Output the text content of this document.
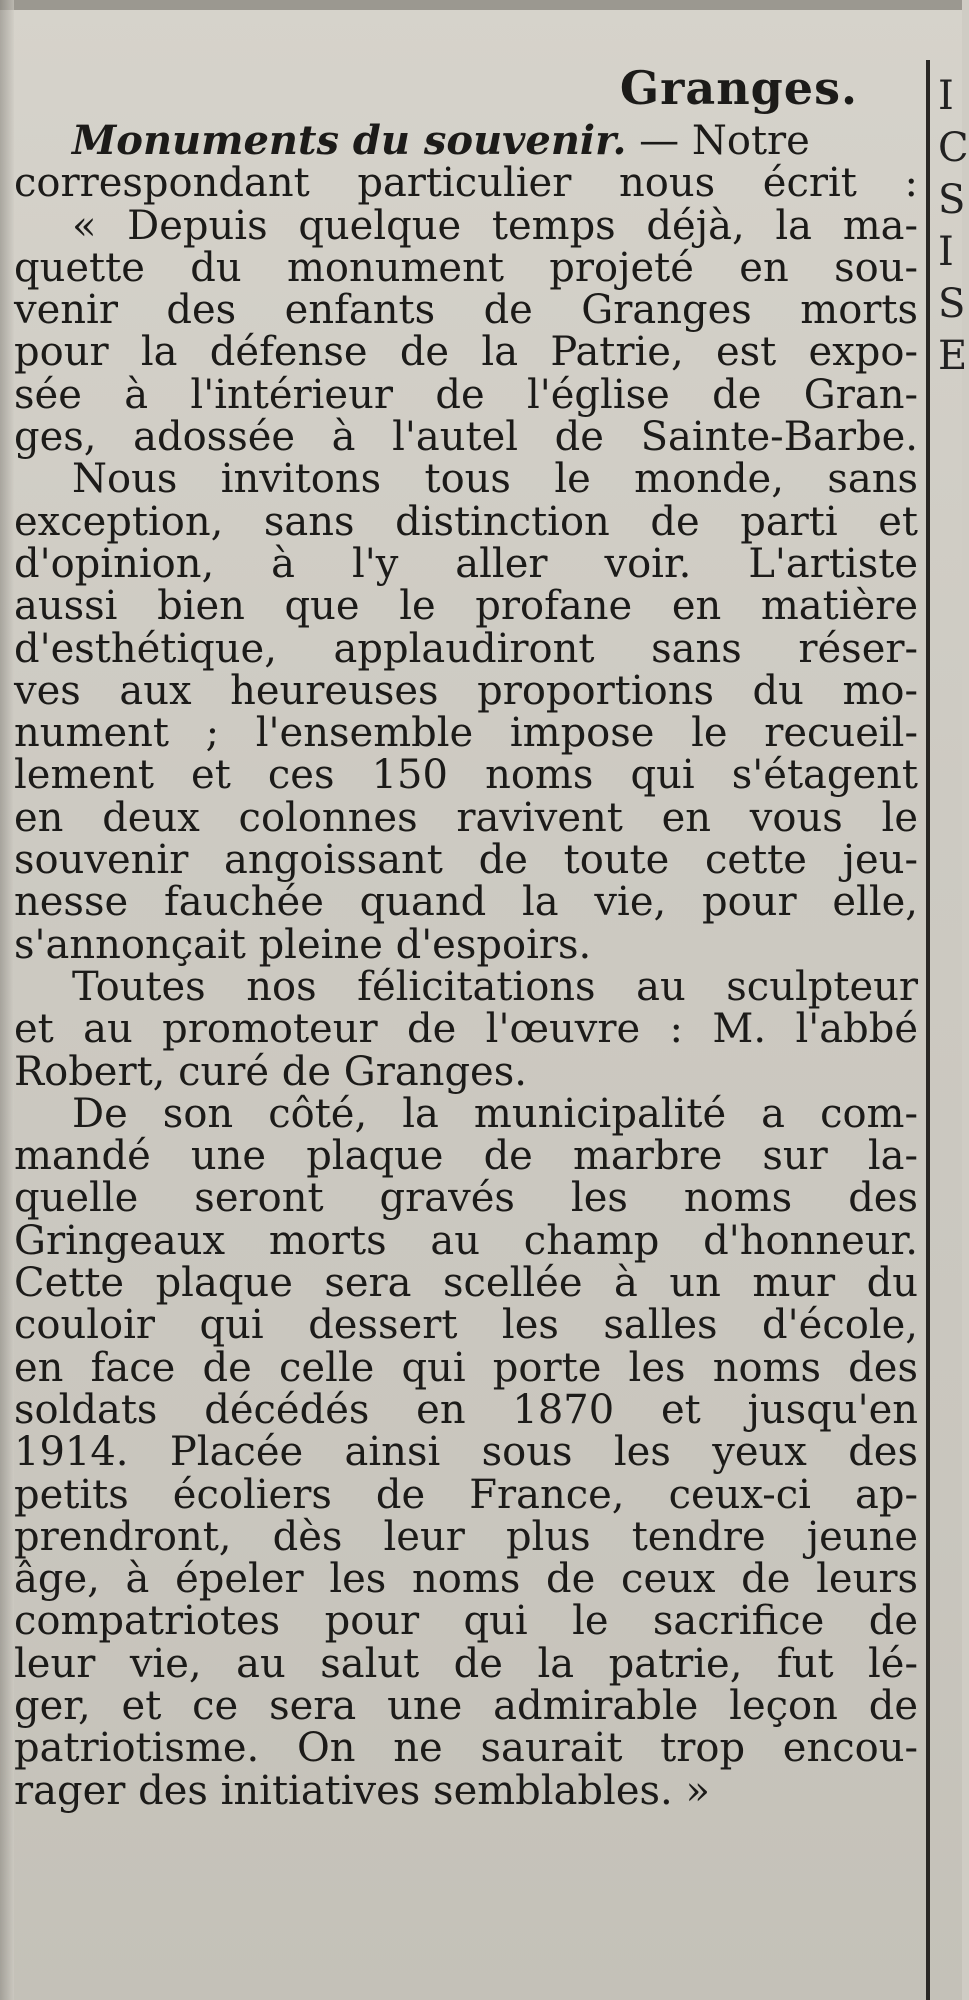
I
C
S
I
S
E
Granges.
Monuments du souvenir. — Notre
correspondant particulier nous écrit :
« Depuis quelque temps déjà, la ma-
quette du monument projeté en sou-
venir des enfants de Granges morts
pour la défense de la Patrie, est expo-
sée à l'intérieur de l'église de Gran-
ges, adossée à l'autel de Sainte-Barbe.
Nous invitons tous le monde, sans
exception, sans distinction de parti et
d'opinion, à l'y aller voir. L'artiste
aussi bien que le profane en matière
d'esthétique, applaudiront sans réser-
ves aux heureuses proportions du mo-
nument ; l'ensemble impose le recueil-
lement et ces 150 noms qui s'étagent
en deux colonnes ravivent en vous le
souvenir angoissant de toute cette jeu-
nesse fauchée quand la vie, pour elle,
s'annonçait pleine d'espoirs.
Toutes nos félicitations au sculpteur
et au promoteur de l'œuvre : M. l'abbé
Robert, curé de Granges.
De son côté, la municipalité a com-
mandé une plaque de marbre sur la-
quelle seront gravés les noms des
Gringeaux morts au champ d'honneur.
Cette plaque sera scellée à un mur du
couloir qui dessert les salles d'école,
en face de celle qui porte les noms des
soldats décédés en 1870 et jusqu'en
1914. Placée ainsi sous les yeux des
petits écoliers de France, ceux-ci ap-
prendront, dès leur plus tendre jeune
âge, à épeler les noms de ceux de leurs
compatriotes pour qui le sacrifice de
leur vie, au salut de la patrie, fut lé-
ger, et ce sera une admirable leçon de
patriotisme. On ne saurait trop encou-
rager des initiatives semblables. »
